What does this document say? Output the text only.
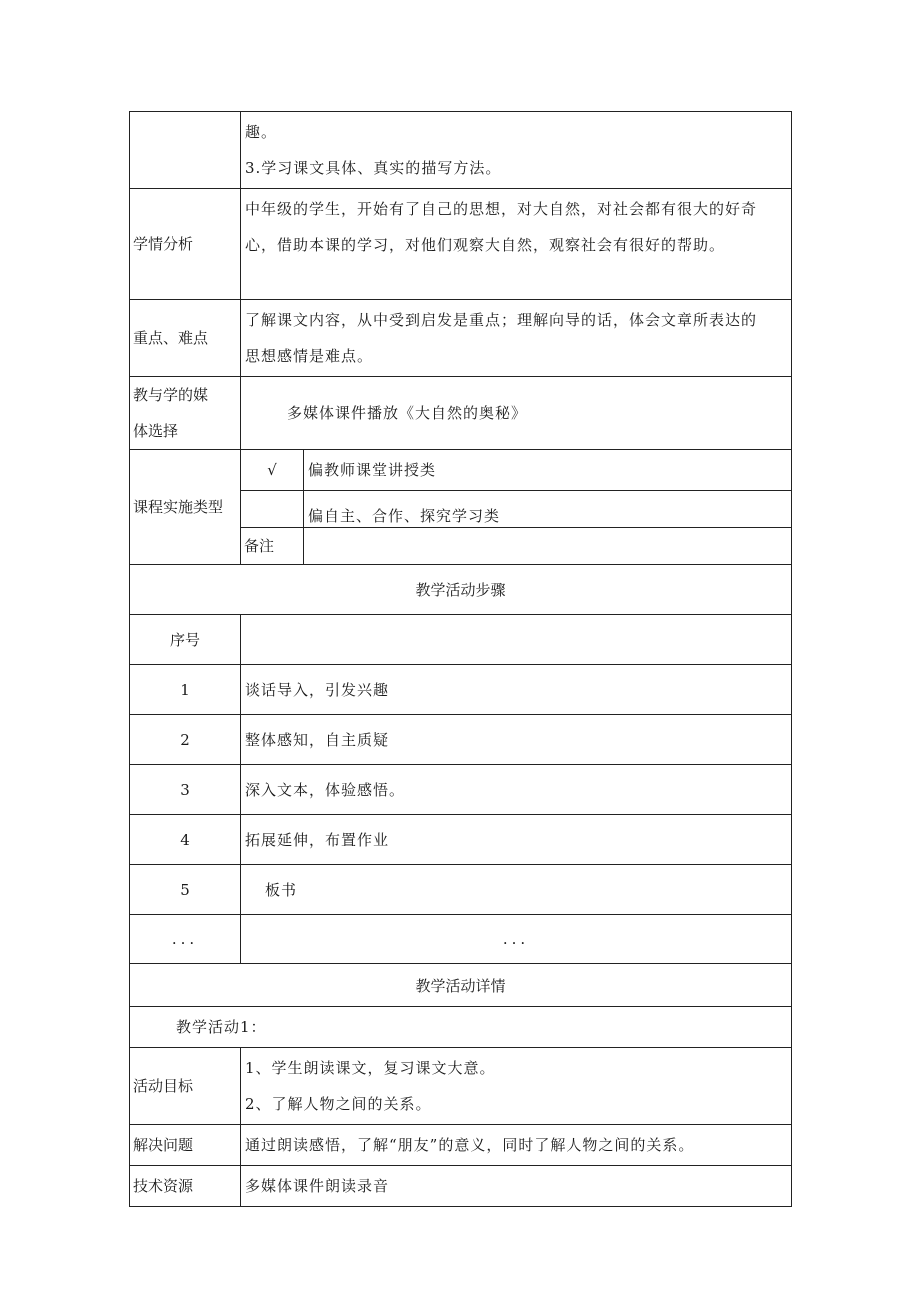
	趣。
3.学习课文具体、真实的描写方法。	

学情分析	中年级的学生，开始有了自己的思想，对大自然，对社会都有很大的好奇
心，借助本课的学习，对他们观察大自然，观察社会有很好的帮助。	

重点、难点	了解课文内容，从中受到启发是重点；理解向导的话，体会文章所表达的
思想感情是难点。	

教与学的媒
体选择	多媒体课件播放《大自然的奥秘》	
课程实施类型	√	偏教师课堂讲授类
		偏自主、合作、探究学习类
	备注	
教学活动步骤		
序号		
1	谈话导入，引发兴趣	
2	整体感知，自主质疑	
3	深入文本，体验感悟。	
4	拓展延伸，布置作业	
5	板书	
...	...	
教学活动详情		
教学活动1：		
活动目标	1、学生朗读课文，复习课文大意。
2、了解人物之间的关系。	

解决问题	通过朗读感悟，了解“朋友”的意义，同时了解人物之间的关系。	
技术资源	多媒体课件朗读录音	
